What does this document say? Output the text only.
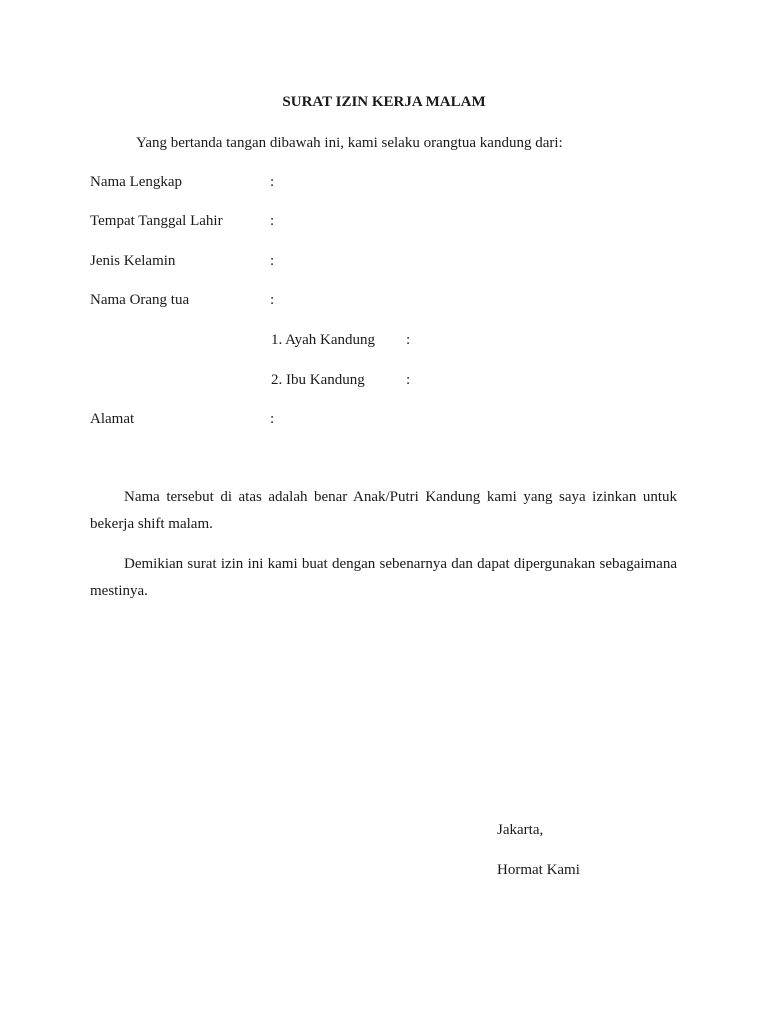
SURAT IZIN KERJA MALAM
Yang bertanda tangan dibawah ini, kami selaku orangtua kandung dari:
Nama Lengkap	:
Tempat Tanggal Lahir	:
Jenis Kelamin	:
Nama Orang tua	:
1. Ayah Kandung :
2. Ibu Kandung	:
Alamat	:
Nama tersebut di atas adalah benar Anak/Putri Kandung kami yang saya izinkan untuk bekerja shift malam.
Demikian surat izin ini kami buat dengan sebenarnya dan dapat dipergunakan sebagaimana mestinya.
Jakarta,
Hormat Kami
